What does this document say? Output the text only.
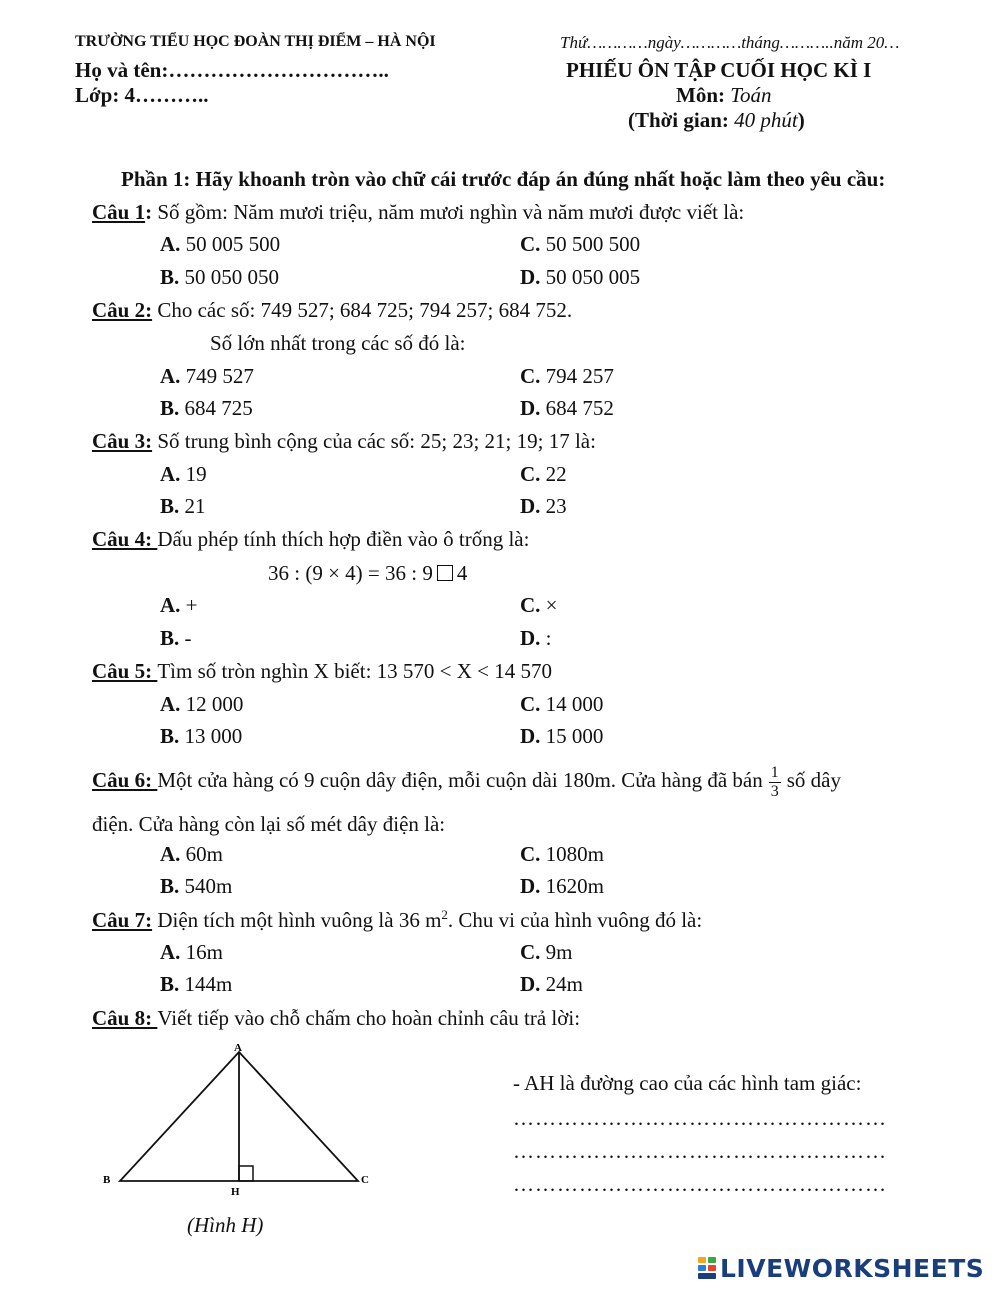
TRƯỜNG TIỂU HỌC ĐOÀN THỊ ĐIỂM – HÀ NỘI	Thứ…………ngày…………tháng………..năm 20…
Họ và tên:…………………………..	PHIẾU ÔN TẬP CUỐI HỌC KÌ I
Lớp: 4………..	Môn: Toán
(Thời gian: 40 phút)
Phần 1: Hãy khoanh tròn vào chữ cái trước đáp án đúng nhất hoặc làm theo yêu cầu:
Câu 1: Số gồm: Năm mươi triệu, năm mươi nghìn và năm mươi được viết là:
A. 50 005 500	C. 50 500 500
B. 50 050 050	D. 50 050 005
Câu 2: Cho các số: 749 527; 684 725; 794 257; 684 752.
Số lớn nhất trong các số đó là:
A. 749 527	C. 794 257
B. 684 725	D. 684 752
Câu 3: Số trung bình cộng của các số: 25; 23; 21; 19; 17 là:
A. 19	C. 22
B. 21	D. 23
Câu 4: Dấu phép tính thích hợp điền vào ô trống là:
36 : (9 × 4) = 36 : 9 4
A. +	C. ×
B. -	D. :
Câu 5: Tìm số tròn nghìn X biết: 13 570 < X < 14 570
A. 12 000	C. 14 000
B. 13 000	D. 15 000
Câu 6: Một cửa hàng có 9 cuộn dây điện, mỗi cuộn dài 180m. Cửa hàng đã bán $\frac{1}{3}$ số dây
điện. Cửa hàng còn lại số mét dây điện là:
A. 60m	C. 1080m
B. 540m	D. 1620m
Câu 7: Diện tích một hình vuông là 36 $m^2$. Chu vi của hình vuông đó là:
A. 16m	C. 9m
B. 144m	D. 24m
Câu 8: Viết tiếp vào chỗ chấm cho hoàn chỉnh câu trả lời:
A
B	C
H
(Hình H)
- AH là đường cao của các hình tam giác:
……………………………………………
……………………………………………
……………………………………………
LIVEWORKSHEETS
